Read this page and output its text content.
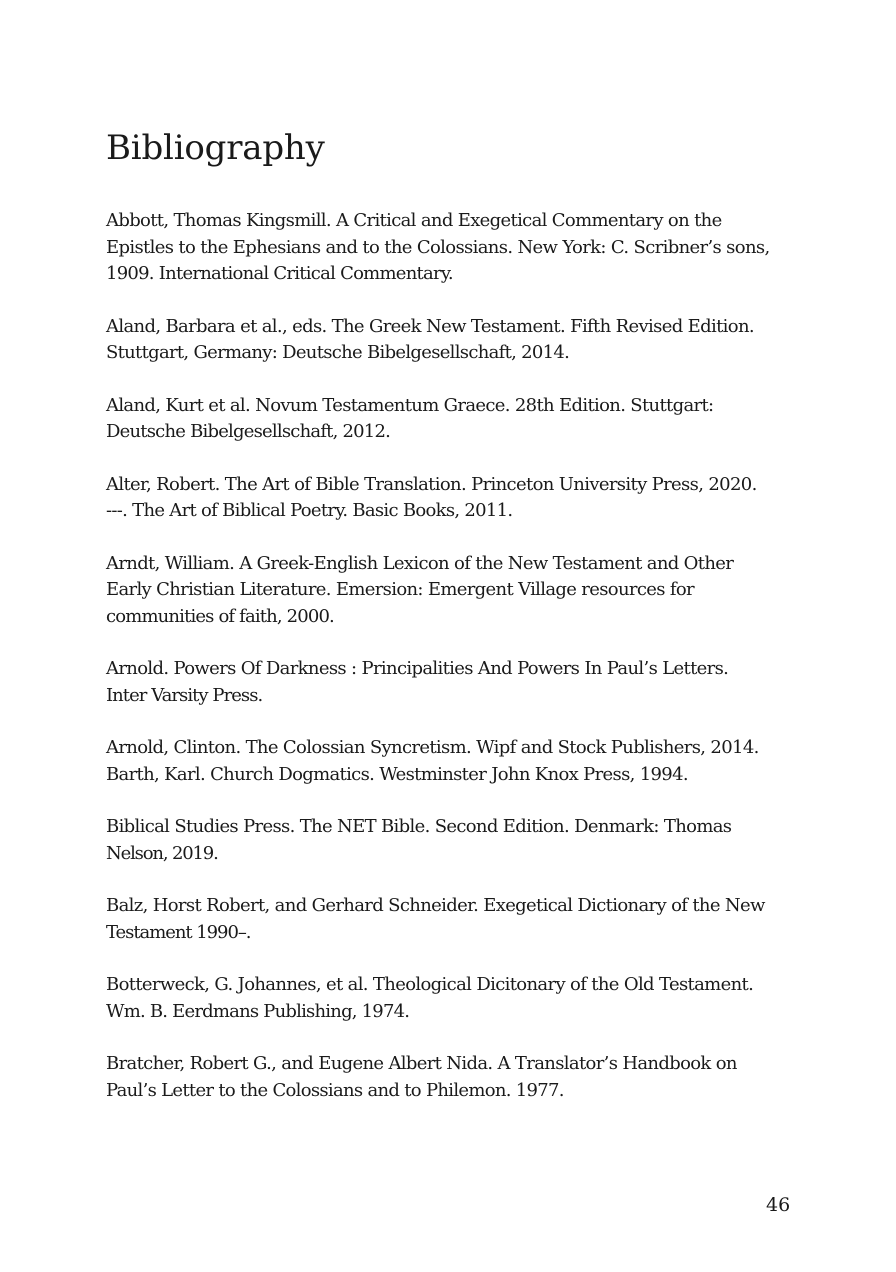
Bibliography

Abbott, Thomas Kingsmill. A Critical and Exegetical Commentary on the
Epistles to the Ephesians and to the Colossians. New York: C. Scribner’s sons,
1909. International Critical Commentary.

Aland, Barbara et al., eds. The Greek New Testament. Fifth Revised Edition.
Stuttgart, Germany: Deutsche Bibelgesellschaft, 2014.

Aland, Kurt et al. Novum Testamentum Graece. 28th Edition. Stuttgart:
Deutsche Bibelgesellschaft, 2012.

Alter, Robert. The Art of Bible Translation. Princeton University Press, 2020.
---. The Art of Biblical Poetry. Basic Books, 2011.

Arndt, William. A Greek-English Lexicon of the New Testament and Other
Early Christian Literature. Emersion: Emergent Village resources for
communities of faith, 2000.

Arnold. Powers Of Darkness : Principalities And Powers In Paul’s Letters.
Inter Varsity Press.

Arnold, Clinton. The Colossian Syncretism. Wipf and Stock Publishers, 2014.
Barth, Karl. Church Dogmatics. Westminster John Knox Press, 1994.

Biblical Studies Press. The NET Bible. Second Edition. Denmark: Thomas
Nelson, 2019.

Balz, Horst Robert, and Gerhard Schneider. Exegetical Dictionary of the New
Testament 1990–.

Botterweck, G. Johannes, et al. Theological Dicitonary of the Old Testament.
Wm. B. Eerdmans Publishing, 1974.

Bratcher, Robert G., and Eugene Albert Nida. A Translator’s Handbook on
Paul’s Letter to the Colossians and to Philemon. 1977.

46
